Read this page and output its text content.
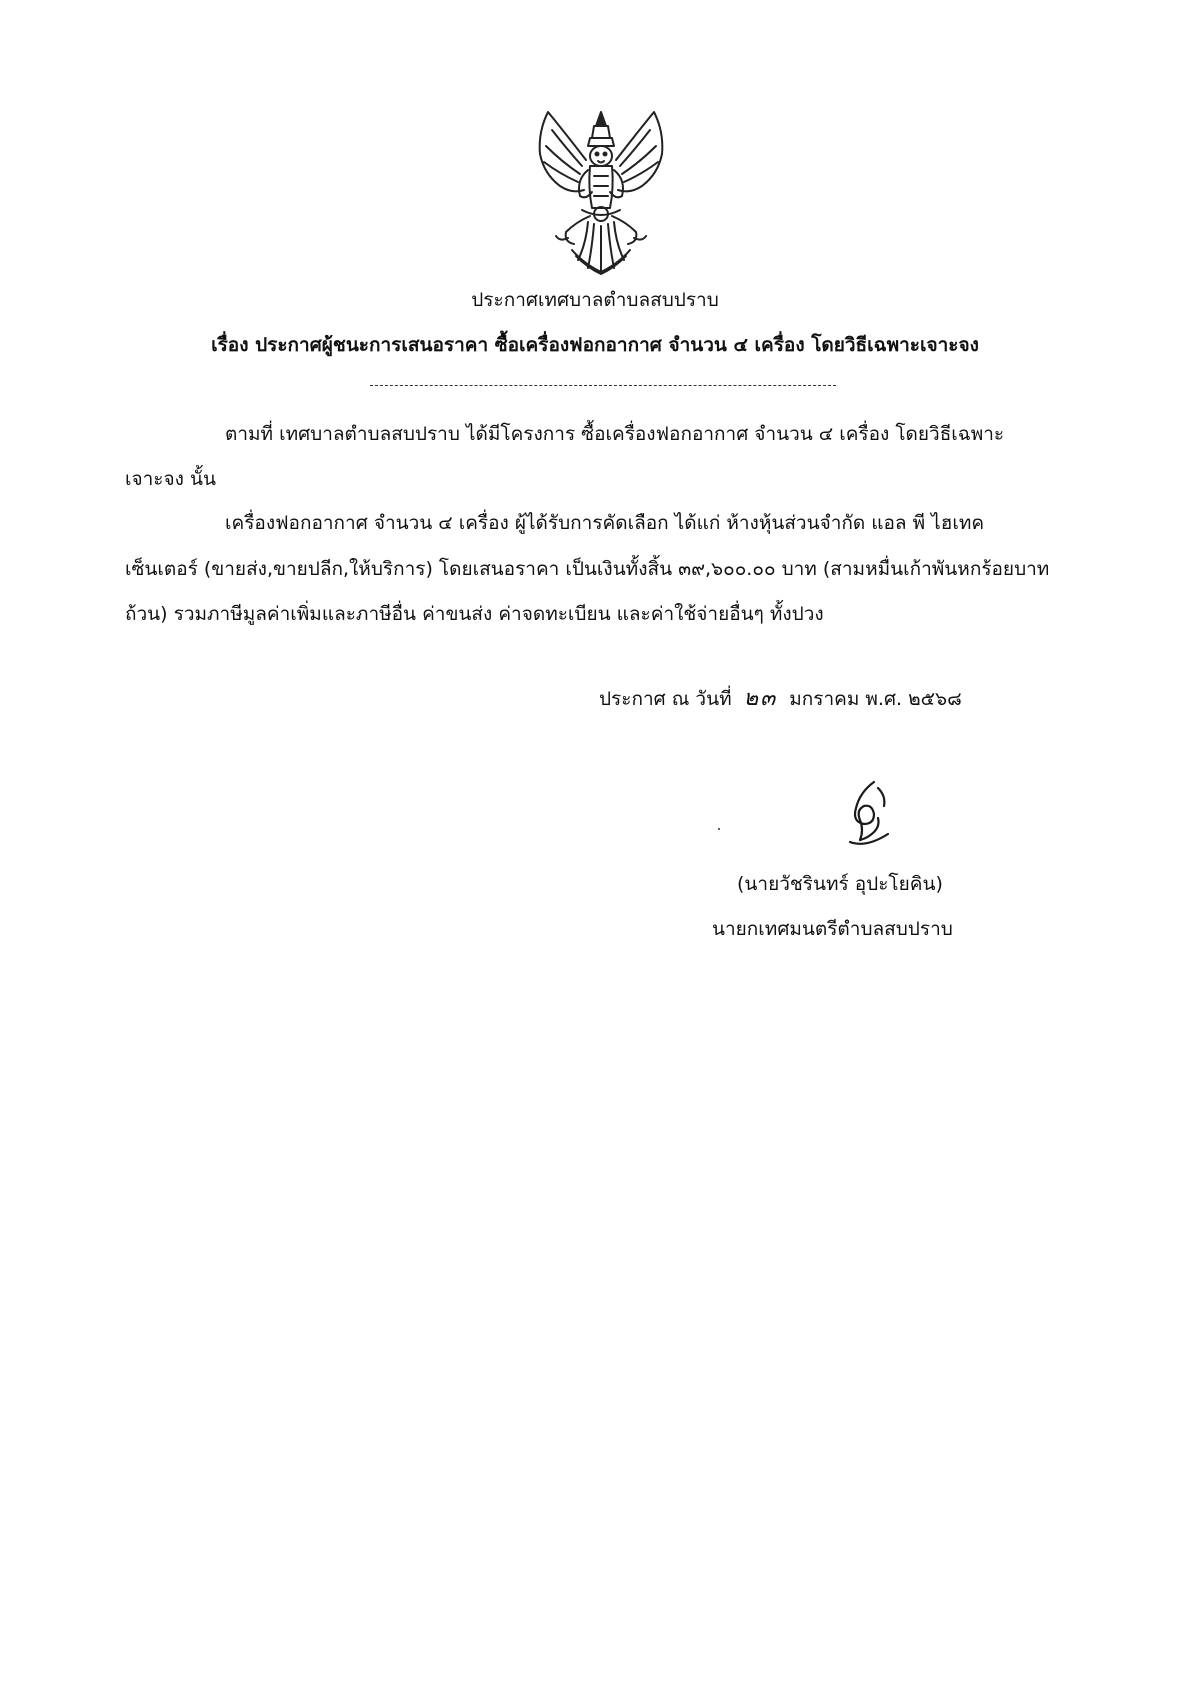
ประกาศเทศบาลตำบลสบปราบ
เรื่อง ประกาศผู้ชนะการเสนอราคา ซื้อเครื่องฟอกอากาศ จำนวน ๔ เครื่อง โดยวิธีเฉพาะเจาะจง
ตามที่ เทศบาลตำบลสบปราบ ได้มีโครงการ ซื้อเครื่องฟอกอากาศ จำนวน ๔ เครื่อง โดยวิธีเฉพาะ
เจาะจง นั้น
เครื่องฟอกอากาศ จำนวน ๔ เครื่อง ผู้ได้รับการคัดเลือก ได้แก่ ห้างหุ้นส่วนจำกัด แอล พี ไฮเทค
เซ็นเตอร์ (ขายส่ง,ขายปลีก,ให้บริการ) โดยเสนอราคา เป็นเงินทั้งสิ้น ๓๙,๖๐๐.๐๐ บาท (สามหมื่นเก้าพันหกร้อยบาท
ถ้วน) รวมภาษีมูลค่าเพิ่มและภาษีอื่น ค่าขนส่ง ค่าจดทะเบียน และค่าใช้จ่ายอื่นๆ ทั้งปวง
ประกาศ ณ วันที่ ๒๓ มกราคม พ.ศ. ๒๕๖๘
(นายวัชรินทร์ อุปะโยคิน)
นายกเทศมนตรีตำบลสบปราบ
